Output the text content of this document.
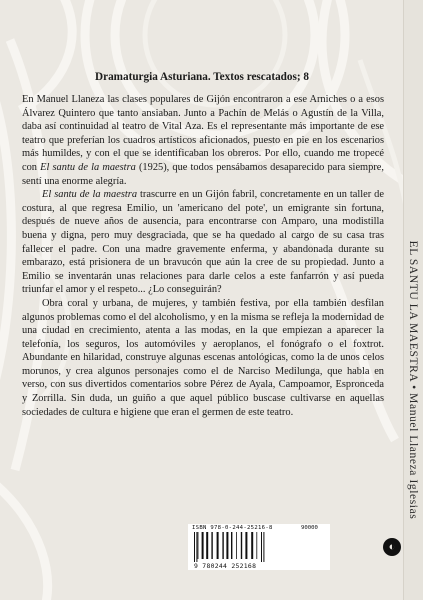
EL SANTU LA MAESTRA • Manuel Llaneza Iglesias
Dramaturgia Asturiana. Textos rescatados; 8

En Manuel Llaneza las clases populares de Gijón encontraron a ese Arniches o a esos Álvarez Quintero que tanto ansiaban. Junto a Pachín de Melás o Agustín de la Villa, daba así continuidad al teatro de Vital Aza. Es el representante más importante de ese teatro que preferían los cuadros artísticos aficionados, puesto en pie en los escenarios más humildes, y con el que se identificaban los obreros. Por ello, cuando me tropecé con El santu de la maestra (1925), que todos pensábamos desaparecido para siempre, sentí una enorme alegría.

El santu de la maestra trascurre en un Gijón fabril, concretamente en un taller de costura, al que regresa Emilio, un 'americano del pote', un emigrante sin fortuna, después de nueve años de ausencia, para encontrarse con Amparo, una modistilla buena y digna, pero muy desgraciada, que se ha quedado al cargo de su casa tras fallecer el padre. Con una madre gravemente enferma, y abandonada durante su embarazo, está prisionera de un bravucón que aún la cree de su propiedad. Junto a Emilio se inventarán unas relaciones para darle celos a este fanfarrón y así pueda triunfar el amor y el respeto... ¿Lo conseguirán?

Obra coral y urbana, de mujeres, y también festiva, por ella también desfilan algunos problemas como el del alcoholismo, y en la misma se refleja la modernidad de una ciudad en crecimiento, atenta a las modas, en la que empiezan a aparecer la telefonía, los seguros, los automóviles y aeroplanos, el fonógrafo o el foxtrot. Abundante en hilaridad, construye algunas escenas antológicas, como la de unos celos morunos, y crea algunos personajes como el de Narciso Medilunga, que habla en verso, con sus divertidos comentarios sobre Pérez de Ayala, Campoamor, Espronceda y Zorrilla. Sin duda, un guiño a que aquel público buscase cultivarse en aquellas sociedades de cultura e higiene que eran el germen de este teatro.

ISBN 978-0-244-25216-8	90000
9 780244 252168
◐
